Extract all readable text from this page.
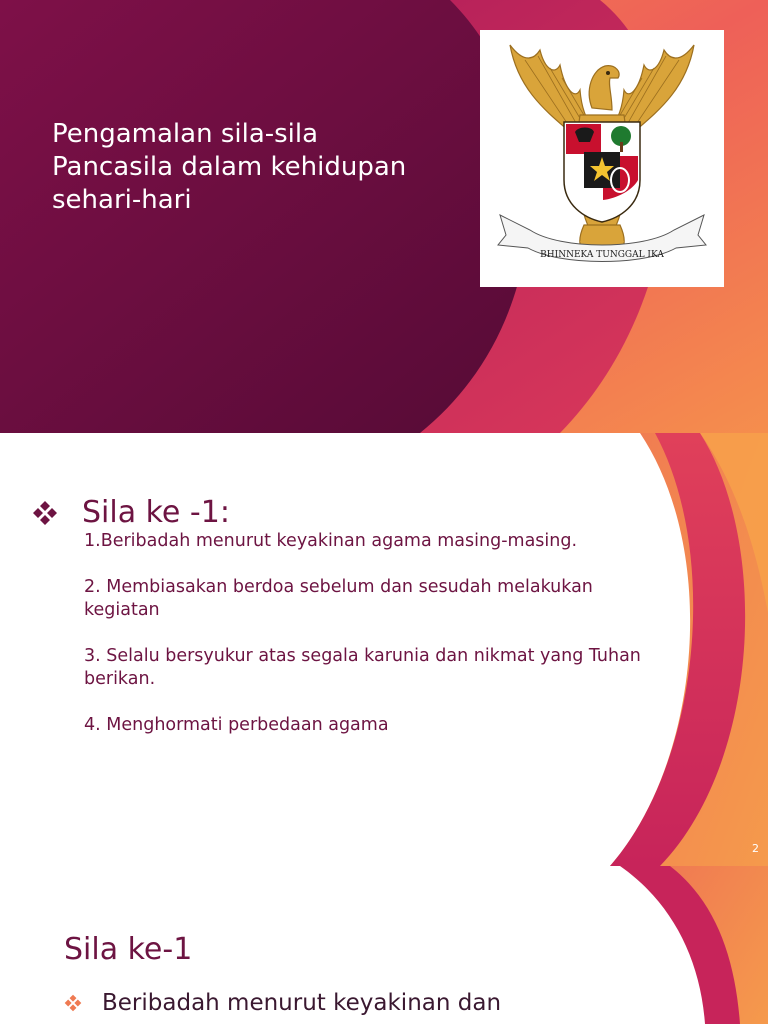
Pengamalan sila-sila
Pancasila dalam kehidupan
sehari-hari
BHINNEKA TUNGGAL IKA
Sila ke -1:
1.Beribadah menurut keyakinan agama masing-masing.
2. Membiasakan berdoa sebelum dan sesudah melakukan kegiatan
3. Selalu bersyukur atas segala karunia dan nikmat yang Tuhan berikan.
4. Menghormati perbedaan agama
2
Sila ke-1
Beribadah menurut keyakinan dan
